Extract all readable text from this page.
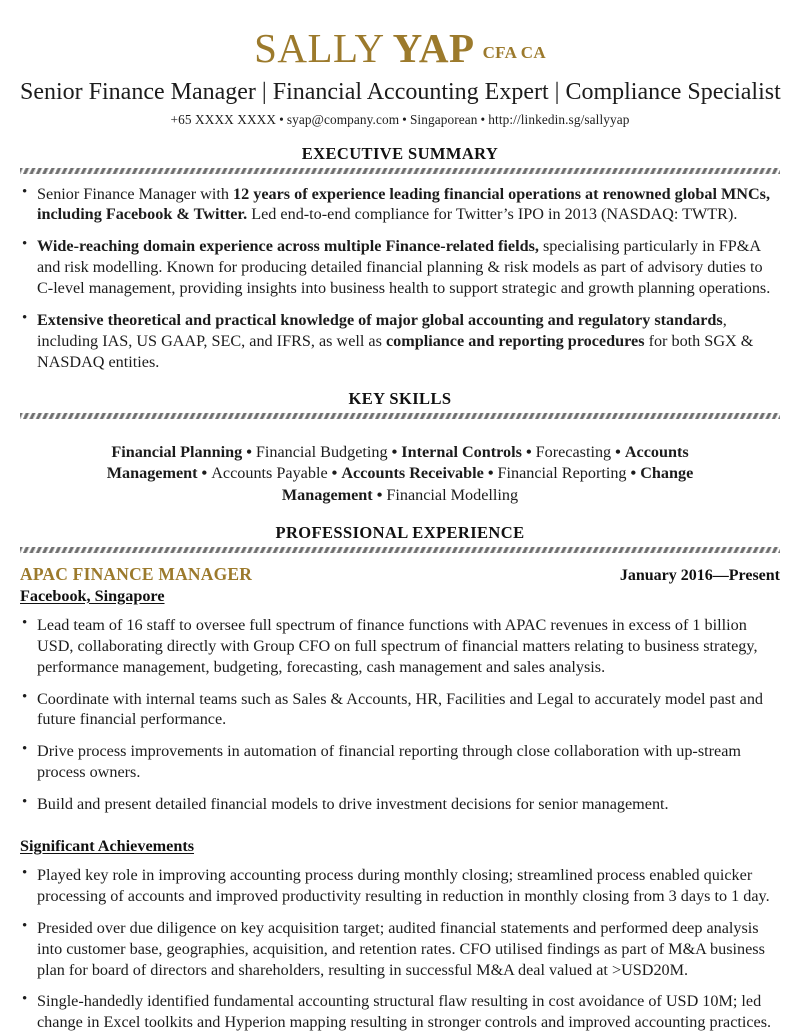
SALLY YAP CFA CA
Senior Finance Manager | Financial Accounting Expert | Compliance Specialist
+65 XXXX XXXX • syap@company.com • Singaporean • http://linkedin.sg/sallyyap
EXECUTIVE SUMMARY
• Senior Finance Manager with 12 years of experience leading financial operations at renowned global MNCs, including Facebook & Twitter. Led end-to-end compliance for Twitter’s IPO in 2013 (NASDAQ: TWTR).
• Wide-reaching domain experience across multiple Finance-related fields, specialising particularly in FP&A and risk modelling. Known for producing detailed financial planning & risk models as part of advisory duties to C-level management, providing insights into business health to support strategic and growth planning operations.
• Extensive theoretical and practical knowledge of major global accounting and regulatory standards, including IAS, US GAAP, SEC, and IFRS, as well as compliance and reporting procedures for both SGX & NASDAQ entities.
KEY SKILLS
Financial Planning • Financial Budgeting • Internal Controls • Forecasting • Accounts Management • Accounts Payable • Accounts Receivable • Financial Reporting • Change Management • Financial Modelling
PROFESSIONAL EXPERIENCE
APAC FINANCE MANAGER	January 2016—Present
Facebook, Singapore
• Lead team of 16 staff to oversee full spectrum of finance functions with APAC revenues in excess of 1 billion USD, collaborating directly with Group CFO on full spectrum of financial matters relating to business strategy, performance management, budgeting, forecasting, cash management and sales analysis.
• Coordinate with internal teams such as Sales & Accounts, HR, Facilities and Legal to accurately model past and future financial performance.
• Drive process improvements in automation of financial reporting through close collaboration with up-stream process owners.
• Build and present detailed financial models to drive investment decisions for senior management.
Significant Achievements
• Played key role in improving accounting process during monthly closing; streamlined process enabled quicker processing of accounts and improved productivity resulting in reduction in monthly closing from 3 days to 1 day.
• Presided over due diligence on key acquisition target; audited financial statements and performed deep analysis into customer base, geographies, acquisition, and retention rates. CFO utilised findings as part of M&A business plan for board of directors and shareholders, resulting in successful M&A deal valued at >USD20M.
• Single-handedly identified fundamental accounting structural flaw resulting in cost avoidance of USD 10M; led change in Excel toolkits and Hyperion mapping resulting in stronger controls and improved accounting practices.
